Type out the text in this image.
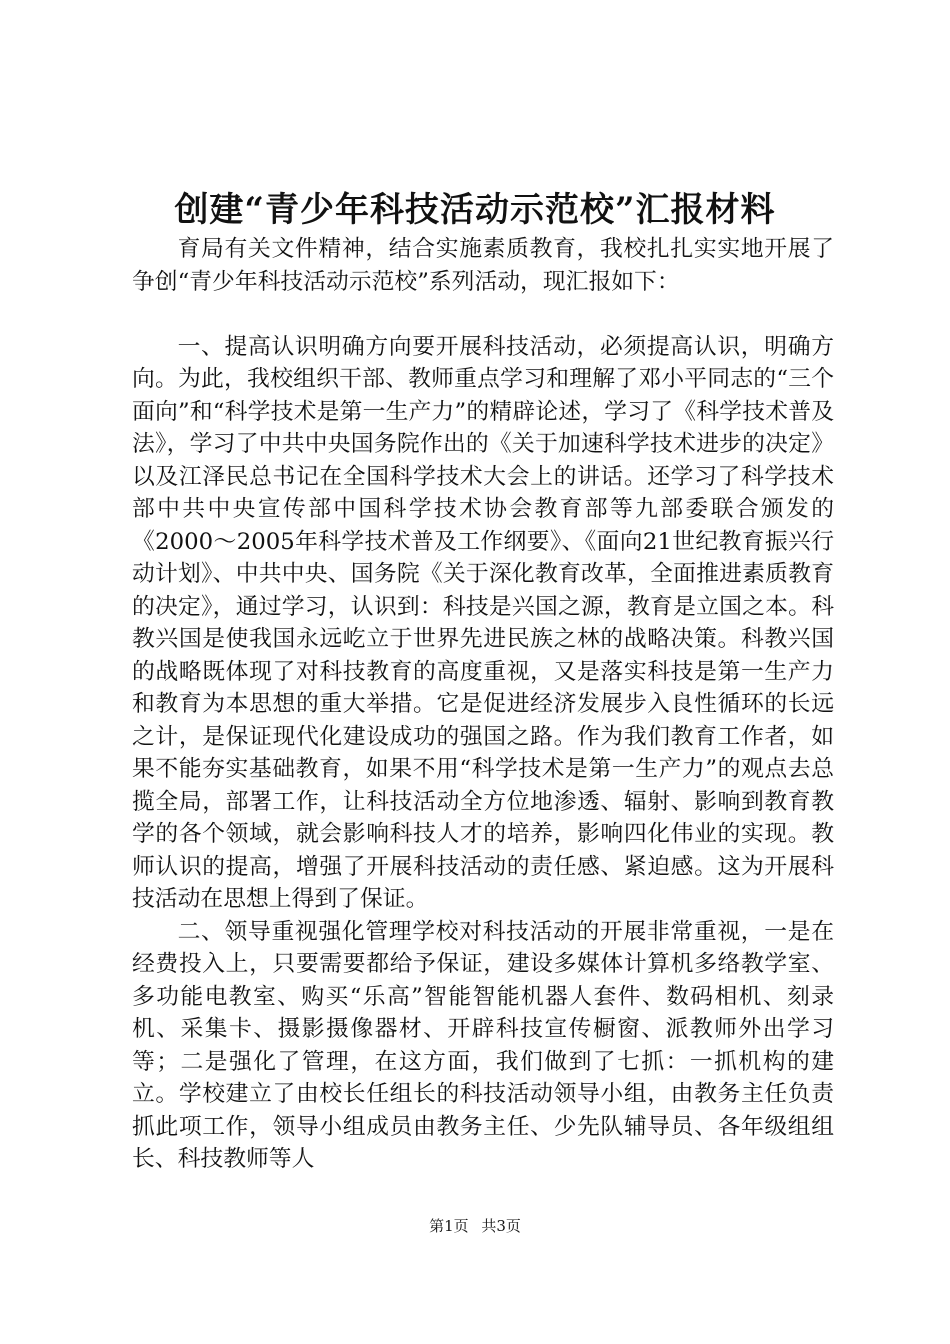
创建“青少年科技活动示范校”汇报材料

育局有关文件精神，结合实施素质教育，我校扎扎实实地开展了争创“青少年科技活动示范校”系列活动，现汇报如下：

一、提高认识明确方向要开展科技活动，必须提高认识，明确方向。为此，我校组织干部、教师重点学习和理解了邓小平同志的“三个面向”和“科学技术是第一生产力”的精辟论述，学习了《科学技术普及法》，学习了中共中央国务院作出的《关于加速科学技术进步的决定》以及江泽民总书记在全国科学技术大会上的讲话。还学习了科学技术部中共中央宣传部中国科学技术协会教育部等九部委联合颁发的《2000～2005年科学技术普及工作纲要》、《面向21世纪教育振兴行动计划》、中共中央、国务院《关于深化教育改革，全面推进素质教育的决定》，通过学习，认识到：科技是兴国之源，教育是立国之本。科教兴国是使我国永远屹立于世界先进民族之林的战略决策。科教兴国的战略既体现了对科技教育的高度重视，又是落实科技是第一生产力和教育为本思想的重大举措。它是促进经济发展步入良性循环的长远之计，是保证现代化建设成功的强国之路。作为我们教育工作者，如果不能夯实基础教育，如果不用“科学技术是第一生产力”的观点去总揽全局，部署工作，让科技活动全方位地渗透、辐射、影响到教育教学的各个领域，就会影响科技人才的培养，影响四化伟业的实现。教师认识的提高，增强了开展科技活动的责任感、紧迫感。这为开展科技活动在思想上得到了保证。

二、领导重视强化管理学校对科技活动的开展非常重视，一是在经费投入上，只要需要都给予保证，建设多媒体计算机多络教学室、多功能电教室、购买“乐高”智能智能机器人套件、数码相机、刻录机、采集卡、摄影摄像器材、开辟科技宣传橱窗、派教师外出学习等；二是强化了管理，在这方面，我们做到了七抓：一抓机构的建立。学校建立了由校长任组长的科技活动领导小组，由教务主任负责抓此项工作，领导小组成员由教务主任、少先队辅导员、各年级组组长、科技教师等人

第1页 共3页
